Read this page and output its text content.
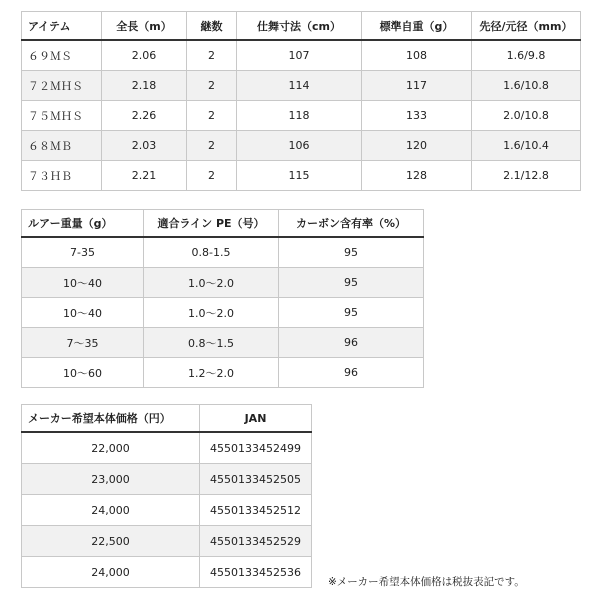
アイテム	全長（m）	継数	仕舞寸法（cm）	標準自重（g）	先径/元径（mm）
６９ＭＳ	2.06	2	107	108	1.6/9.8
７２ＭＨＳ	2.18	2	114	117	1.6/10.8
７５ＭＨＳ	2.26	2	118	133	2.0/10.8
６８ＭＢ	2.03	2	106	120	1.6/10.4
７３ＨＢ	2.21	2	115	128	2.1/12.8
ルアー重量（g）	適合ライン PE（号）	カーボン含有率（%）
7-35	0.8-1.5	95
10～40	1.0～2.0	95
10～40	1.0～2.0	95
7～35	0.8～1.5	96
10～60	1.2～2.0	96
メーカー希望本体価格（円）	JAN
22,000	4550133452499
23,000	4550133452505
24,000	4550133452512
22,500	4550133452529
24,000	4550133452536
※メーカー希望本体価格は税抜表記です。
